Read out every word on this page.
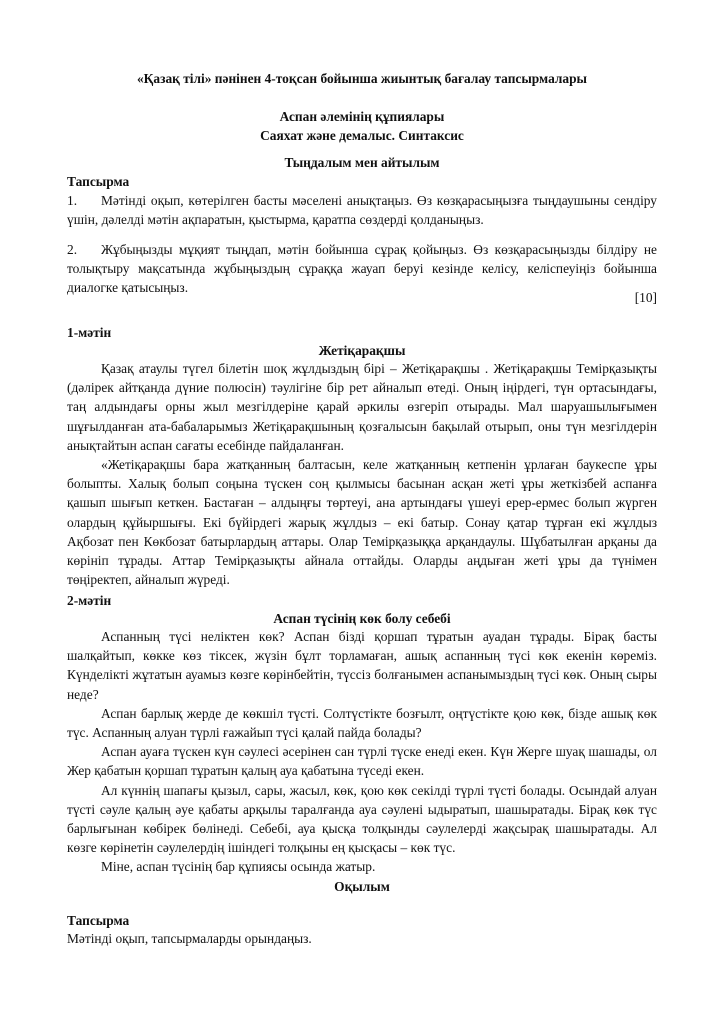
«Қазақ тілі» пәнінен 4-тоқсан бойынша жиынтық бағалау тапсырмалары

Аспан әлемінің құпиялары

Саяхат және демалыс. Синтаксис

Тыңдалым мен айтылым

Тапсырма

1. Мәтінді оқып, көтерілген басты мәселені анықтаңыз. Өз көзқарасыңызға тыңдаушыны сендіру үшін, дәлелді мәтін ақпаратын, қыстырма, қаратпа сөздерді қолданыңыз.
2. Жұбыңызды мұқият тыңдап, мәтін бойынша сұрақ қойыңыз. Өз көзқарасыңызды білдіру не толықтыру мақсатында жұбыңыздың сұраққа жауап беруі кезінде келісу, келіспеуіңіз бойынша диалогке қатысыңыз.

[10]

1-мәтін

Жетіқарақшы

Қазақ атаулы түгел білетін шоқ жұлдыздың бірі – Жетіқарақшы . Жетіқарақшы Темірқазықты (дәлірек айтқанда дүние полюсін) тәулігіне бір рет айналып өтеді. Оның іңірдегі, түн ортасындағы, таң алдындағы орны жыл мезгілдеріне қарай әркилы өзгеріп отырады. Мал шаруашылығымен шұғылданған ата-бабаларымыз Жетіқарақшының қозғалысын бақылай отырып, оны түн мезгілдерін анықтайтын аспан сағаты есебінде пайдаланған.

«Жетіқарақшы бара жатқанның балтасын, келе жатқанның кетпенін ұрлаған баукеспе ұры болыпты. Халық болып соңына түскен соң қылмысы басынан асқан жеті ұры жеткізбей аспанға қашып шығып кеткен. Бастаған – алдыңғы төртеуі, ана артындағы үшеуі ерер-ермес болып жүрген олардың құйыршығы. Екі бүйірдегі жарық жұлдыз – екі батыр. Сонау қатар тұрған екі жұлдыз Ақбозат пен Көкбозат батырлардың аттары. Олар Темірқазыққа арқандаулы. Шұбатылған арқаны да көрініп тұрады. Аттар Темірқазықты айнала оттайды. Оларды аңдыған жеті ұры да түнімен төңіректеп, айналып жүреді.

2-мәтін

Аспан түсінің көк болу себебі

Аспанның түсі неліктен көк? Аспан бізді қоршап тұратын ауадан тұрады. Бірақ басты шалқайтып, көкке көз тіксек, жүзін бұлт торламаған, ашық аспанның түсі көк екенін көреміз. Күнделікті жұтатын ауамыз көзге көрінбейтін, түссіз болғанымен аспанымыздың түсі көк. Оның сыры неде?

Аспан барлық жерде де көкшіл түсті. Солтүстікте бозғылт, оңтүстікте қою көк, бізде ашық көк түс. Аспанның алуан түрлі ғажайып түсі қалай пайда болады?

Аспан ауаға түскен күн сәулесі әсерінен сан түрлі түске енеді екен. Күн Жерге шуақ шашады, ол Жер қабатын қоршап тұратын қалың ауа қабатына түседі екен.

Ал күннің шапағы қызыл, сары, жасыл, көк, қою көк секілді түрлі түсті болады. Осындай алуан түсті сәуле қалың әуе қабаты арқылы таралғанда ауа сәулені ыдыратып, шашыратады. Бірақ көк түс барлығынан көбірек бөлінеді. Себебі, ауа қысқа толқынды сәулелерді жақсырақ шашыратады. Ал көзге көрінетін сәулелердің ішіндегі толқыны ең қысқасы – көк түс.

Міне, аспан түсінің бар құпиясы осында жатыр.

Оқылым

Тапсырма

Мәтінді оқып, тапсырмаларды орындаңыз.
